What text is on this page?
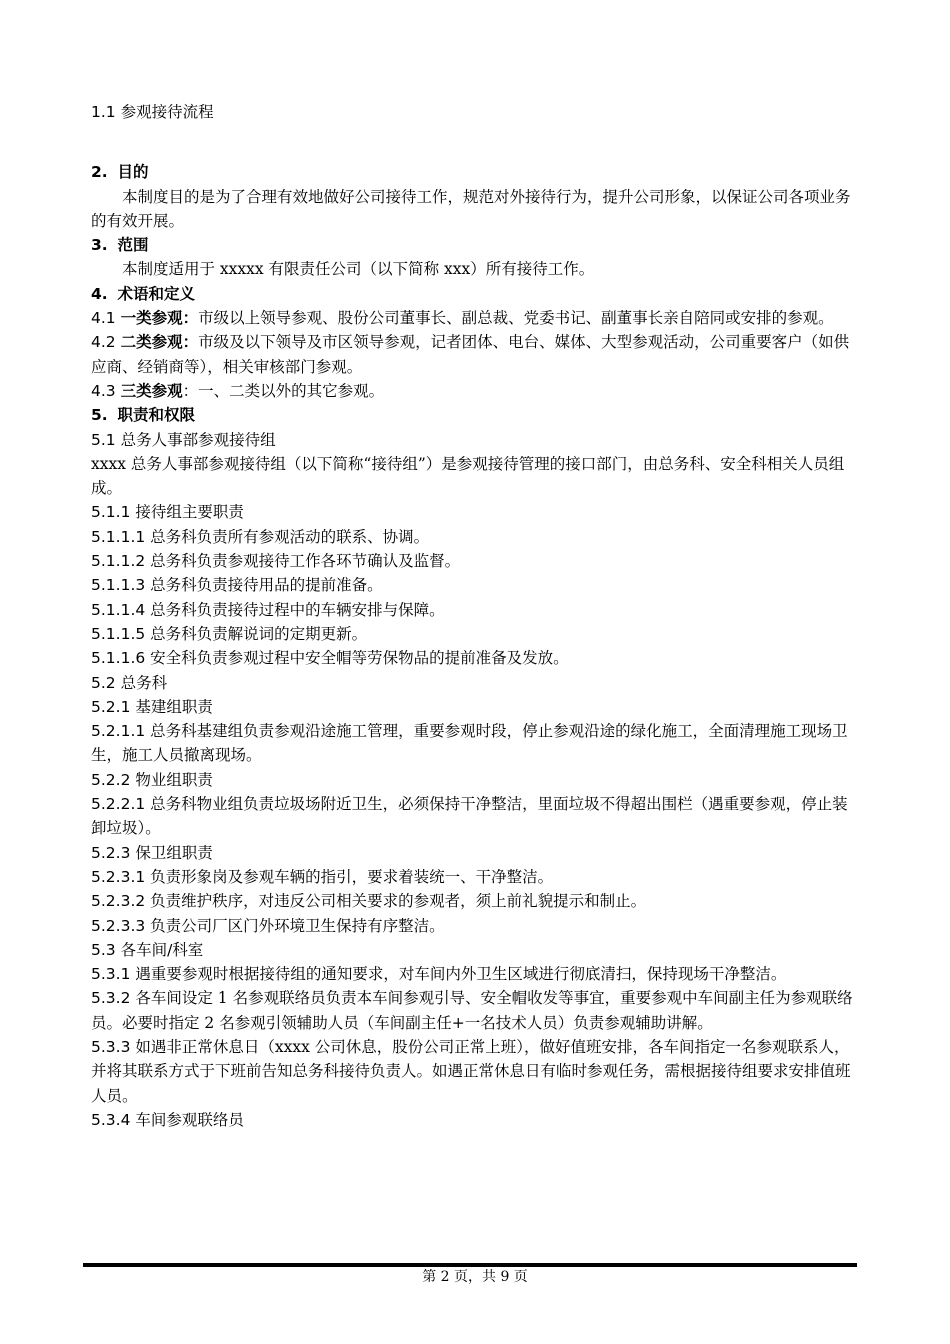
1.1 参观接待流程

2. 目的

本制度目的是为了合理有效地做好公司接待工作，规范对外接待行为，提升公司形象，以保证公司各项业务的有效开展。

3. 范围

本制度适用于 xxxxx 有限责任公司（以下简称 xxx）所有接待工作。

4. 术语和定义

4.1 一类参观：市级以上领导参观、股份公司董事长、副总裁、党委书记、副董事长亲自陪同或安排的参观。

4.2 二类参观：市级及以下领导及市区领导参观，记者团体、电台、媒体、大型参观活动，公司重要客户（如供应商、经销商等），相关审核部门参观。

4.3 三类参观：一、二类以外的其它参观。

5. 职责和权限

5.1 总务人事部参观接待组

xxxx 总务人事部参观接待组（以下简称“接待组”）是参观接待管理的接口部门，由总务科、安全科相关人员组成。

5.1.1 接待组主要职责

5.1.1.1 总务科负责所有参观活动的联系、协调。

5.1.1.2 总务科负责参观接待工作各环节确认及监督。

5.1.1.3 总务科负责接待用品的提前准备。

5.1.1.4 总务科负责接待过程中的车辆安排与保障。

5.1.1.5 总务科负责解说词的定期更新。

5.1.1.6 安全科负责参观过程中安全帽等劳保物品的提前准备及发放。

5.2 总务科

5.2.1 基建组职责

5.2.1.1 总务科基建组负责参观沿途施工管理，重要参观时段，停止参观沿途的绿化施工，全面清理施工现场卫生，施工人员撤离现场。

5.2.2 物业组职责

5.2.2.1 总务科物业组负责垃圾场附近卫生，必须保持干净整洁，里面垃圾不得超出围栏（遇重要参观，停止装卸垃圾）。

5.2.3 保卫组职责

5.2.3.1 负责形象岗及参观车辆的指引，要求着装统一、干净整洁。

5.2.3.2 负责维护秩序，对违反公司相关要求的参观者，须上前礼貌提示和制止。

5.2.3.3 负责公司厂区门外环境卫生保持有序整洁。

5.3 各车间/科室

5.3.1 遇重要参观时根据接待组的通知要求，对车间内外卫生区域进行彻底清扫，保持现场干净整洁。

5.3.2 各车间设定 1 名参观联络员负责本车间参观引导、安全帽收发等事宜，重要参观中车间副主任为参观联络员。必要时指定 2 名参观引领辅助人员（车间副主任+一名技术人员）负责参观辅助讲解。

5.3.3 如遇非正常休息日（xxxx 公司休息，股份公司正常上班），做好值班安排，各车间指定一名参观联系人，并将其联系方式于下班前告知总务科接待负责人。如遇正常休息日有临时参观任务，需根据接待组要求安排值班人员。

5.3.4 车间参观联络员

第 2 页，共 9 页
